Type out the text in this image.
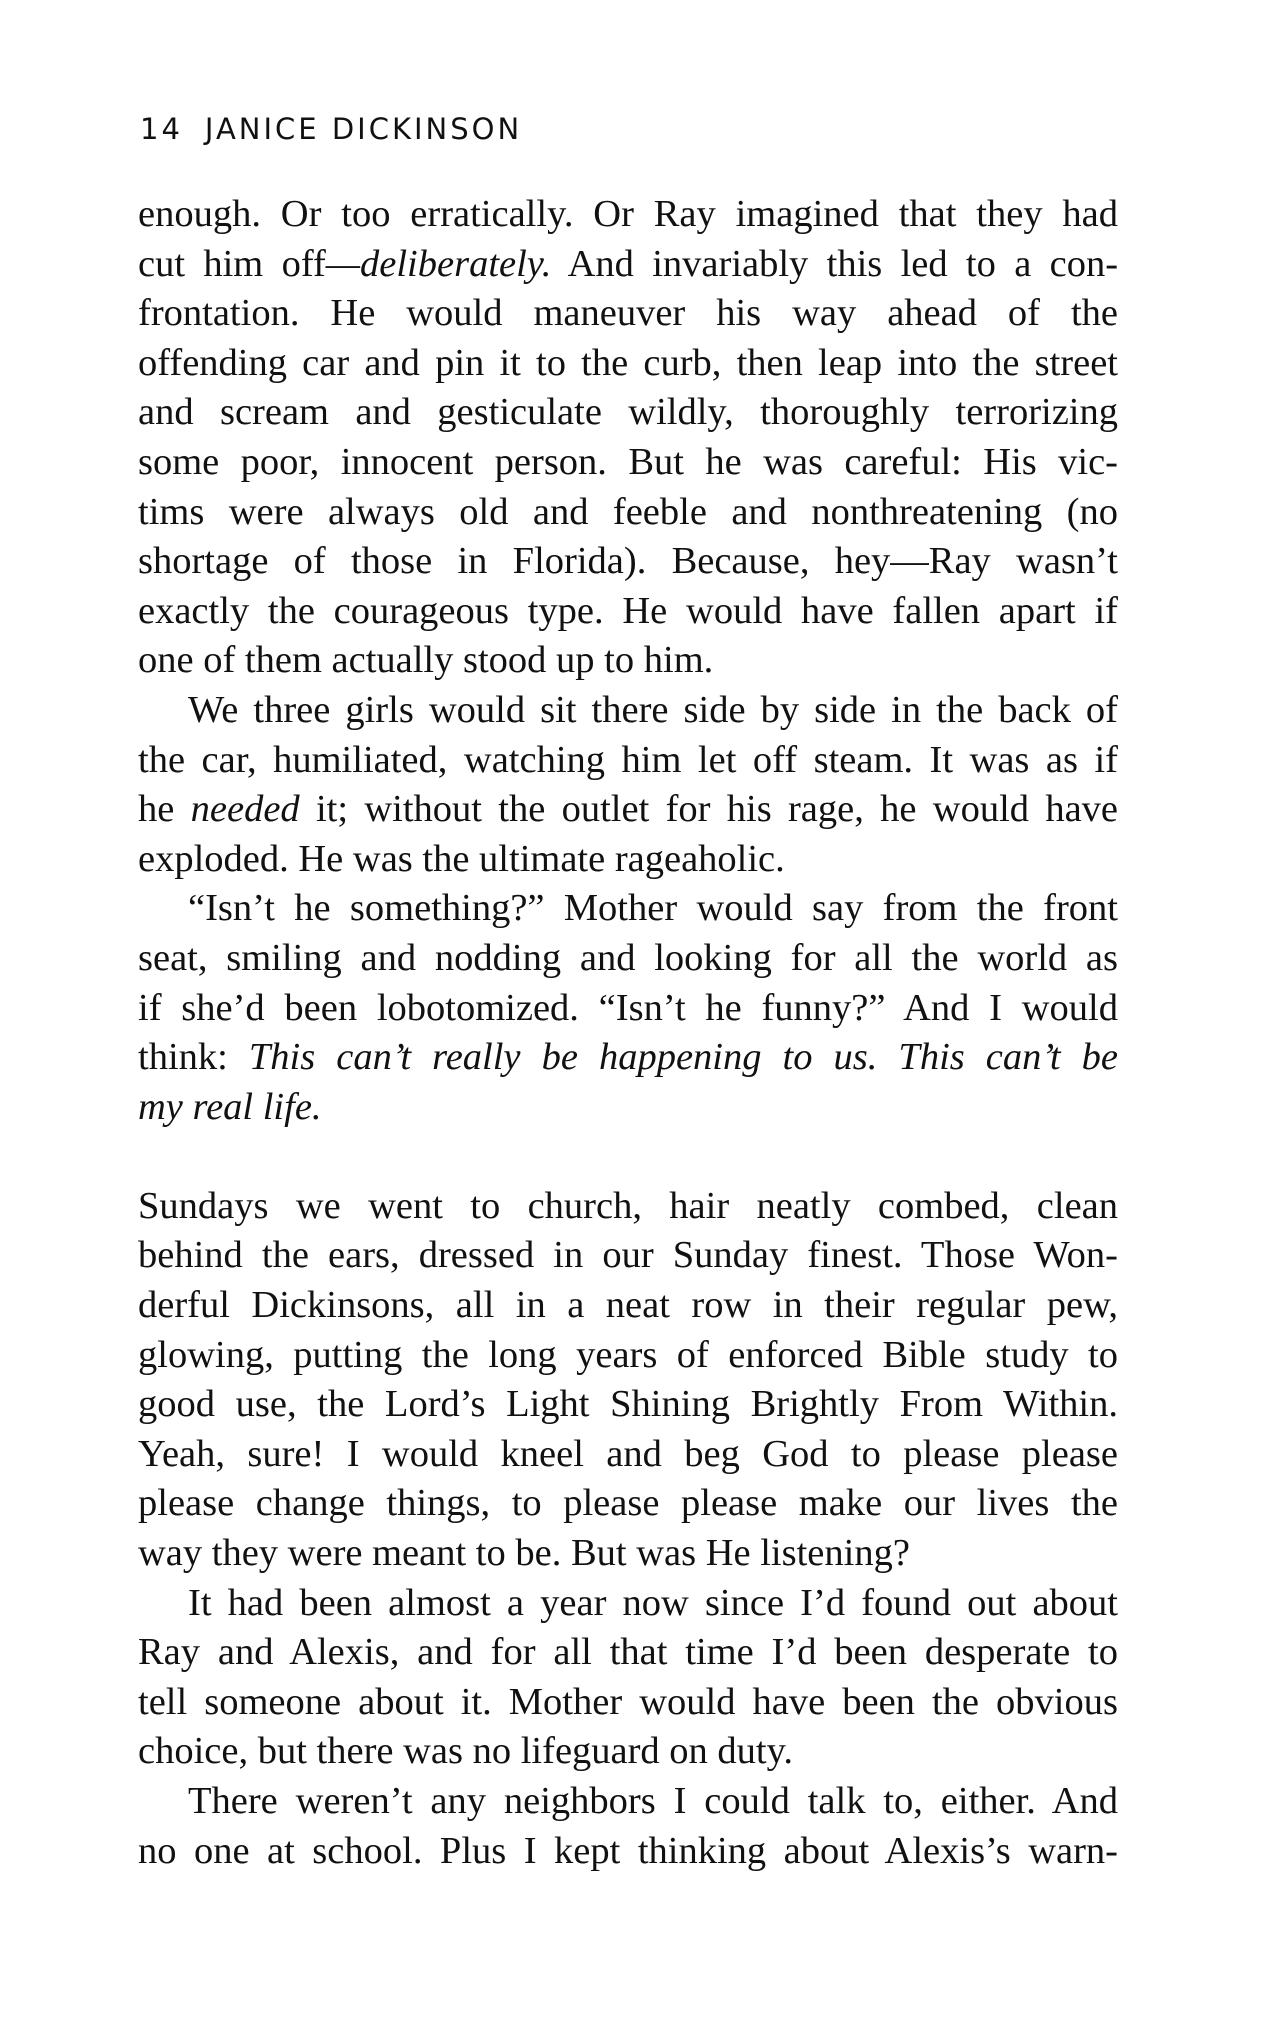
14 JANICE DICKINSON
enough. Or too erratically. Or Ray imagined that they had
cut him off—deliberately. And invariably this led to a con-
frontation. He would maneuver his way ahead of the
offending car and pin it to the curb, then leap into the street
and scream and gesticulate wildly, thoroughly terrorizing
some poor, innocent person. But he was careful: His vic-
tims were always old and feeble and nonthreatening (no
shortage of those in Florida). Because, hey—Ray wasn’t
exactly the courageous type. He would have fallen apart if
one of them actually stood up to him.
We three girls would sit there side by side in the back of
the car, humiliated, watching him let off steam. It was as if
he needed it; without the outlet for his rage, he would have
exploded. He was the ultimate rageaholic.
“Isn’t he something?” Mother would say from the front
seat, smiling and nodding and looking for all the world as
if she’d been lobotomized. “Isn’t he funny?” And I would
think: This can’t really be happening to us. This can’t be
my real life.
Sundays we went to church, hair neatly combed, clean
behind the ears, dressed in our Sunday finest. Those Won-
derful Dickinsons, all in a neat row in their regular pew,
glowing, putting the long years of enforced Bible study to
good use, the Lord’s Light Shining Brightly From Within.
Yeah, sure! I would kneel and beg God to please please
please change things, to please please make our lives the
way they were meant to be. But was He listening?
It had been almost a year now since I’d found out about
Ray and Alexis, and for all that time I’d been desperate to
tell someone about it. Mother would have been the obvious
choice, but there was no lifeguard on duty.
There weren’t any neighbors I could talk to, either. And
no one at school. Plus I kept thinking about Alexis’s warn-
